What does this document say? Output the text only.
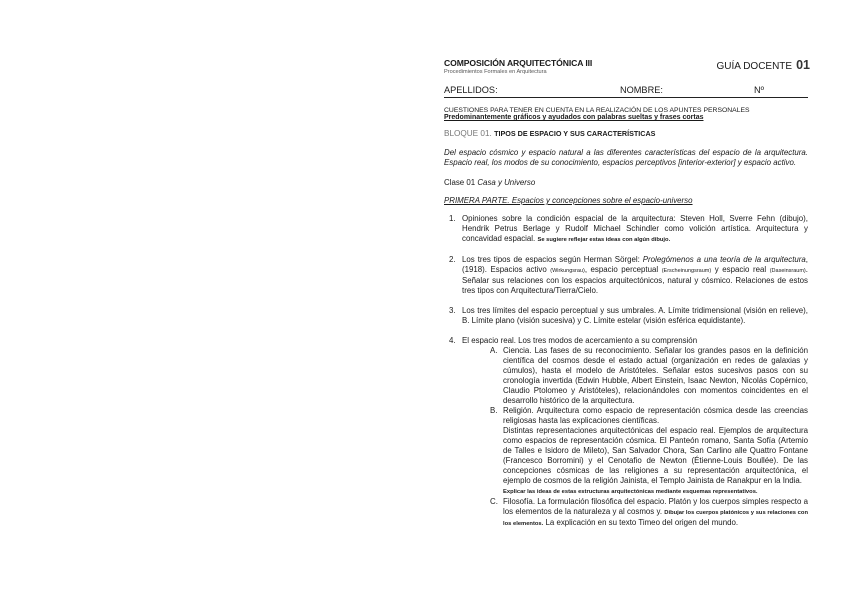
COMPOSICIÓN ARQUITECTÓNICA III	GUÍA DOCENTE 01
Procedimientos Formales en Arquitectura
APELLIDOS:	NOMBRE:	Nº
CUESTIONES PARA TENER EN CUENTA EN LA REALIZACIÓN DE LOS APUNTES PERSONALES
Predominantemente gráficos y ayudados con palabras sueltas y frases cortas
BLOQUE 01. TIPOS DE ESPACIO Y SUS CARACTERÍSTICAS
Del espacio cósmico y espacio natural a las diferentes características del espacio de la arquitectura. Espacio real, los modos de su conocimiento, espacios perceptivos [interior-exterior] y espacio activo.
Clase 01 Casa y Universo
PRIMERA PARTE. Espacios y concepciones sobre el espacio-universo
1. Opiniones sobre la condición espacial de la arquitectura: Steven Holl, Sverre Fehn (dibujo), Hendrik Petrus Berlage y Rudolf Michael Schindler como volición artística. Arquitectura y concavidad espacial. Se sugiere reflejar estas ideas con algún dibujo.
2. Los tres tipos de espacios según Herman Sörgel: Prolegómenos a una teoría de la arquitectura, (1918). Espacios activo (Wirkungsrau), espacio perceptual (Erscheinungsraum) y espacio real (Daseinsraum). Señalar sus relaciones con los espacios arquitectónicos, natural y cósmico. Relaciones de estos tres tipos con Arquitectura/Tierra/Cielo.
3. Los tres límites del espacio perceptual y sus umbrales. A. Límite tridimensional (visión en relieve), B. Límite plano (visión sucesiva) y C. Límite estelar (visión esférica equidistante).
4. El espacio real. Los tres modos de acercamiento a su comprensión
A. Ciencia. Las fases de su reconocimiento. Señalar los grandes pasos en la definición científica del cosmos desde el estado actual (organización en redes de galaxias y cúmulos), hasta el modelo de Aristóteles. Señalar estos sucesivos pasos con su cronología invertida (Edwin Hubble, Albert Einstein, Isaac Newton, Nicolás Copérnico, Claudio Ptolomeo y Aristóteles), relacionándoles con momentos coincidentes en el desarrollo histórico de la arquitectura.
B. Religión. Arquitectura como espacio de representación cósmica desde las creencias religiosas hasta las explicaciones científicas.
Distintas representaciones arquitectónicas del espacio real. Ejemplos de arquitectura como espacios de representación cósmica. El Panteón romano, Santa Sofía (Artemio de Talles e Isidoro de Mileto), San Salvador Chora, San Carlino alle Quattro Fontane (Francesco Borromini) y el Cenotafio de Newton (Étienne-Louis Boullée). De las concepciones cósmicas de las religiones a su representación arquitectónica, el ejemplo de cosmos de la religión Jainista, el Templo Jainista de Ranakpur en la India.
Explicar las ideas de estas estructuras arquitectónicas mediante esquemas representativos.
C. Filosofía. La formulación filosófica del espacio. Platón y los cuerpos simples respecto a los elementos de la naturaleza y al cosmos y. Dibujar los cuerpos platónicos y sus relaciones con los elementos. La explicación en su texto Timeo del origen del mundo.
